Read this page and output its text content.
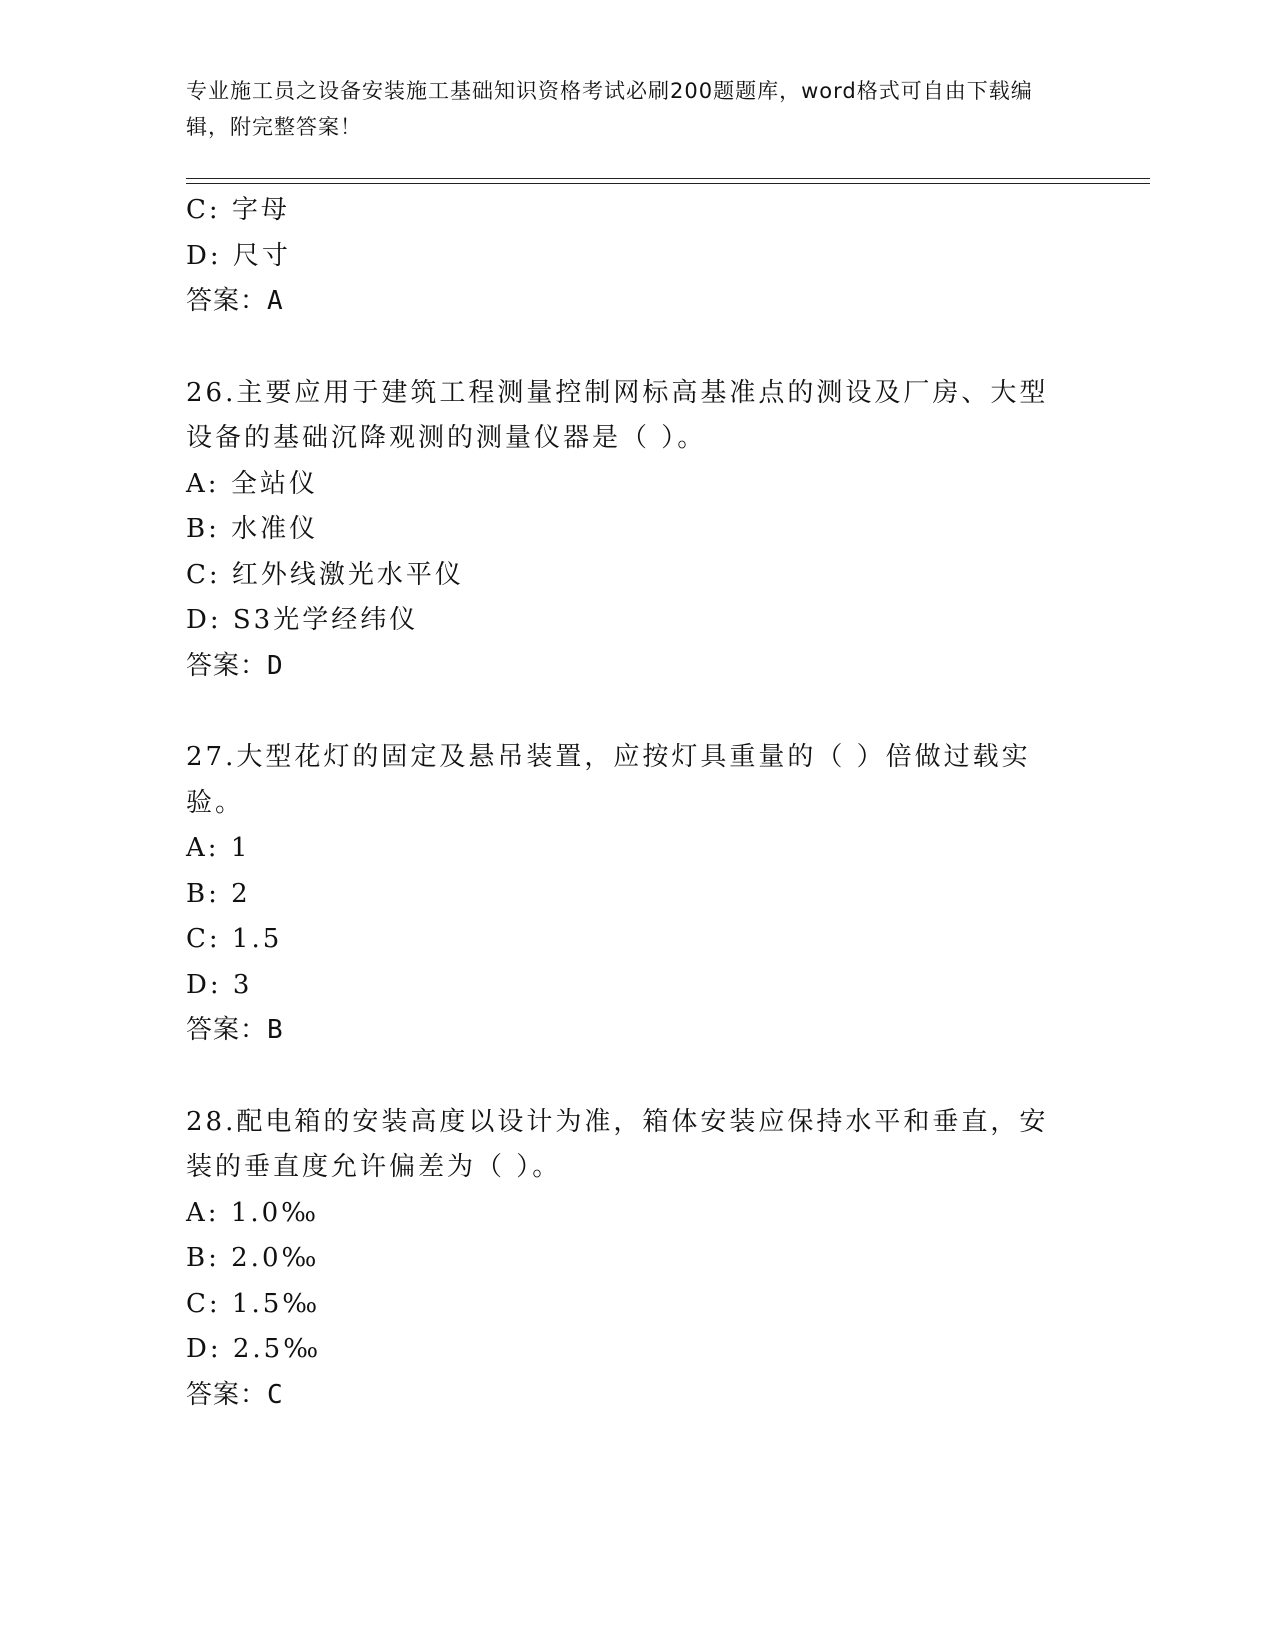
专业施工员之设备安装施工基础知识资格考试必刷200题题库，word格式可自由下载编辑，附完整答案！
C: 字母
D: 尺寸
答案：A
26.主要应用于建筑工程测量控制网标高基准点的测设及厂房、大型设备的基础沉降观测的测量仪器是（ ）。
A: 全站仪
B: 水准仪
C: 红外线激光水平仪
D: S3光学经纬仪
答案：D
27.大型花灯的固定及悬吊装置，应按灯具重量的（ ）倍做过载实验。
A: 1
B: 2
C: 1.5
D: 3
答案：B
28.配电箱的安装高度以设计为准，箱体安装应保持水平和垂直，安装的垂直度允许偏差为（ ）。
A: 1.0‰
B: 2.0‰
C: 1.5‰
D: 2.5‰
答案：C
